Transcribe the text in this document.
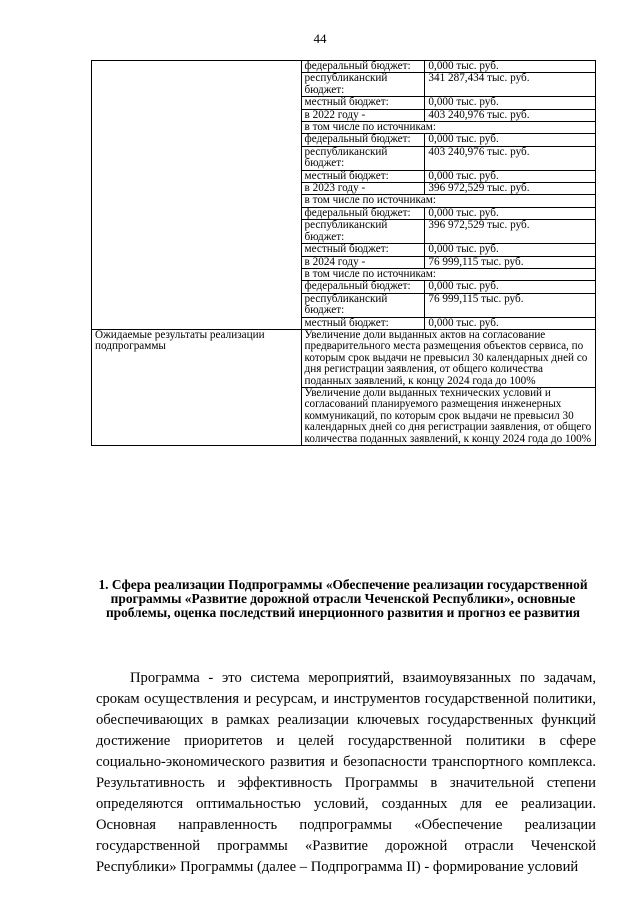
44
	федеральный бюджет:	0,000 тыс. руб.
	республиканский бюджет:	341 287,434 тыс. руб.
	местный бюджет:	0,000 тыс. руб.
	в 2022 году -	403 240,976 тыс. руб.
	в том числе по источникам:	
	федеральный бюджет:	0,000 тыс. руб.
	республиканский бюджет:	403 240,976 тыс. руб.
	местный бюджет:	0,000 тыс. руб.
	в 2023 году -	396 972,529 тыс. руб.
	в том числе по источникам:	
	федеральный бюджет:	0,000 тыс. руб.
	республиканский бюджет:	396 972,529 тыс. руб.
	местный бюджет:	0,000 тыс. руб.
	в 2024 году -	76 999,115 тыс. руб.
	в том числе по источникам:	
	федеральный бюджет:	0,000 тыс. руб.
	республиканский бюджет:	76 999,115 тыс. руб.
	местный бюджет:	0,000 тыс. руб.
Ожидаемые результаты реализации подпрограммы	Увеличение доли выданных актов на согласование предварительного места размещения объектов сервиса, по которым срок выдачи не превысил 30 календарных дней со дня регистрации заявления, от общего количества поданных заявлений, к концу 2024 года до 100%	
	Увеличение доли выданных технических условий и согласований планируемого размещения инженерных коммуникаций, по которым срок выдачи не превысил 30 календарных дней со дня регистрации заявления, от общего количества поданных заявлений, к концу 2024 года до 100%	
1. Сфера реализации Подпрограммы «Обеспечение реализации государственной программы «Развитие дорожной отрасли Чеченской Республики», основные проблемы, оценка последствий инерционного развития и прогноз ее развития

Программа - это система мероприятий, взаимоувязанных по задачам, срокам осуществления и ресурсам, и инструментов государственной политики, обеспечивающих в рамках реализации ключевых государственных функций достижение приоритетов и целей государственной политики в сфере социально-экономического развития и безопасности транспортного комплекса. Результативность и эффективность Программы в значительной степени определяются оптимальностью условий, созданных для ее реализации. Основная направленность подпрограммы «Обеспечение реализации государственной программы «Развитие дорожной отрасли Чеченской Республики» Программы (далее – Подпрограмма II) - формирование условий
